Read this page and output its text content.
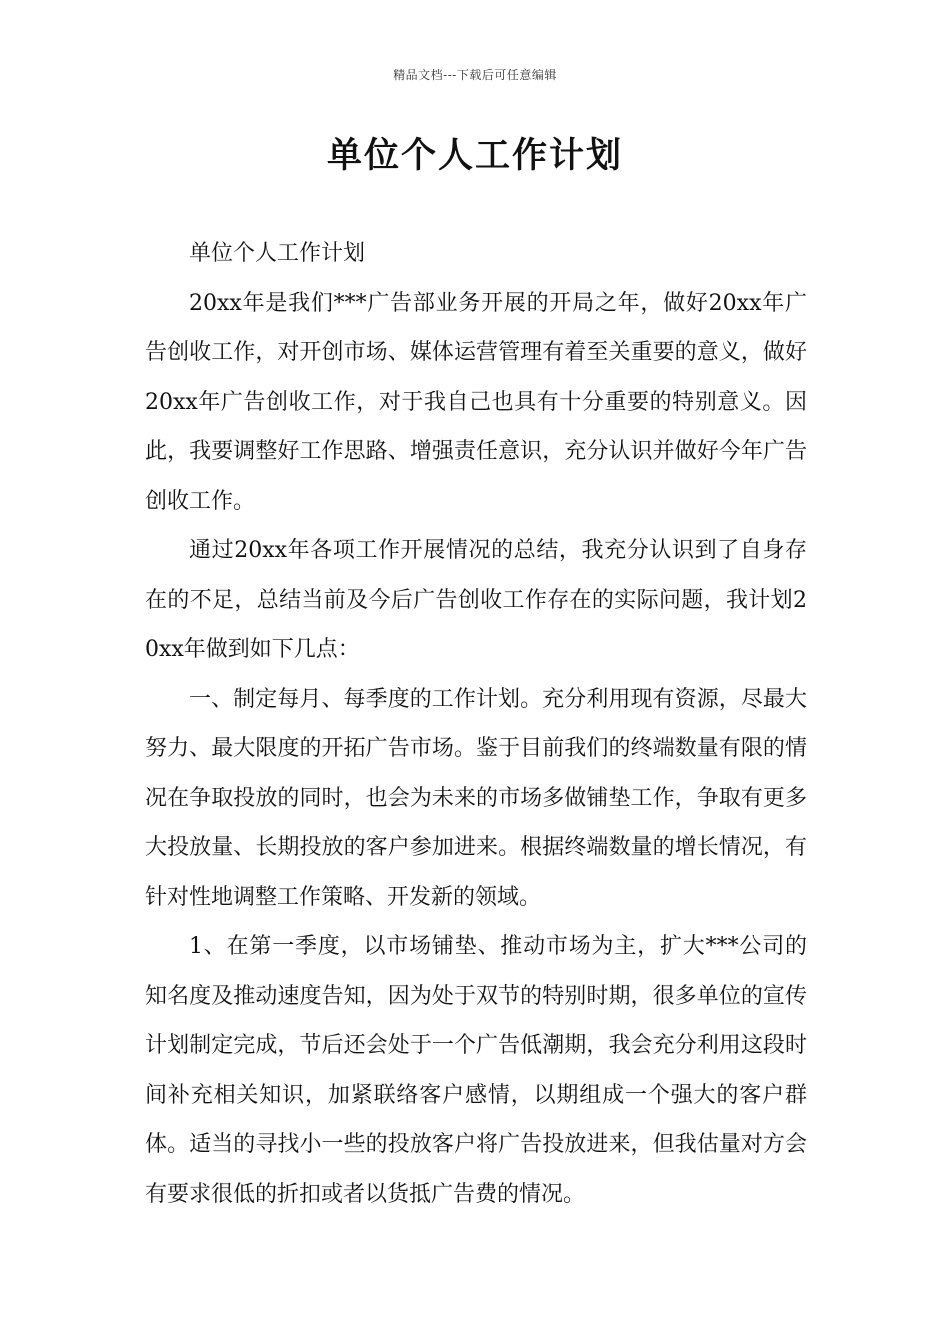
精品文档---下载后可任意编辑
单位个人工作计划

单位个人工作计划

20xx年是我们***广告部业务开展的开局之年，做好20xx年广告创收工作，对开创市场、媒体运营管理有着至关重要的意义，做好20xx年广告创收工作，对于我自己也具有十分重要的特别意义。因此，我要调整好工作思路、增强责任意识，充分认识并做好今年广告创收工作。

通过20xx年各项工作开展情况的总结，我充分认识到了自身存在的不足，总结当前及今后广告创收工作存在的实际问题，我计划20xx年做到如下几点：

一、制定每月、每季度的工作计划。充分利用现有资源，尽最大努力、最大限度的开拓广告市场。鉴于目前我们的终端数量有限的情况在争取投放的同时，也会为未来的市场多做铺垫工作，争取有更多大投放量、长期投放的客户参加进来。根据终端数量的增长情况，有针对性地调整工作策略、开发新的领域。

1、在第一季度，以市场铺垫、推动市场为主，扩大***公司的知名度及推动速度告知，因为处于双节的特别时期，很多单位的宣传计划制定完成，节后还会处于一个广告低潮期，我会充分利用这段时间补充相关知识，加紧联络客户感情，以期组成一个强大的客户群体。适当的寻找小一些的投放客户将广告投放进来，但我估量对方会有要求很低的折扣或者以货抵广告费的情况。
